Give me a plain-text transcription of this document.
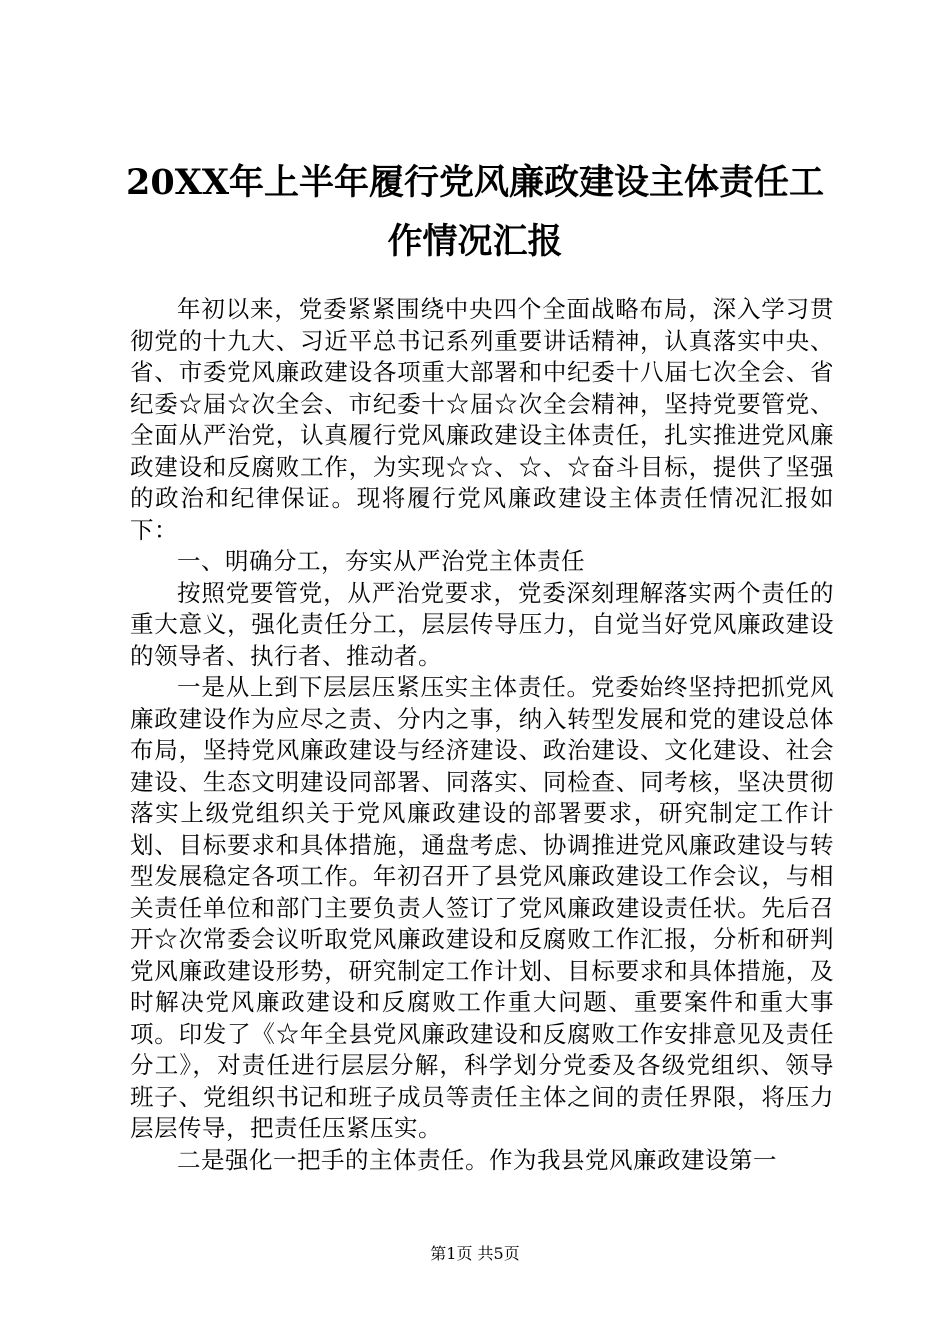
20XX年上半年履行党风廉政建设主体责任工
作情况汇报

年初以来，党委紧紧围绕中央四个全面战略布局，深入学习贯彻党的十九大、习近平总书记系列重要讲话精神，认真落实中央、省、市委党风廉政建设各项重大部署和中纪委十八届七次全会、省纪委☆届☆次全会、市纪委十☆届☆次全会精神，坚持党要管党、全面从严治党，认真履行党风廉政建设主体责任，扎实推进党风廉政建设和反腐败工作，为实现☆☆、☆、☆奋斗目标，提供了坚强的政治和纪律保证。现将履行党风廉政建设主体责任情况汇报如下：

一、明确分工，夯实从严治党主体责任

按照党要管党，从严治党要求，党委深刻理解落实两个责任的重大意义，强化责任分工，层层传导压力，自觉当好党风廉政建设的领导者、执行者、推动者。

一是从上到下层层压紧压实主体责任。党委始终坚持把抓党风廉政建设作为应尽之责、分内之事，纳入转型发展和党的建设总体布局，坚持党风廉政建设与经济建设、政治建设、文化建设、社会建设、生态文明建设同部署、同落实、同检查、同考核，坚决贯彻落实上级党组织关于党风廉政建设的部署要求，研究制定工作计划、目标要求和具体措施，通盘考虑、协调推进党风廉政建设与转型发展稳定各项工作。年初召开了县党风廉政建设工作会议，与相关责任单位和部门主要负责人签订了党风廉政建设责任状。先后召开☆次常委会议听取党风廉政建设和反腐败工作汇报，分析和研判党风廉政建设形势，研究制定工作计划、目标要求和具体措施，及时解决党风廉政建设和反腐败工作重大问题、重要案件和重大事项。印发了《☆年全县党风廉政建设和反腐败工作安排意见及责任分工》，对责任进行层层分解，科学划分党委及各级党组织、领导班子、党组织书记和班子成员等责任主体之间的责任界限，将压力层层传导，把责任压紧压实。

二是强化一把手的主体责任。作为我县党风廉政建设第一

第1页 共5页
